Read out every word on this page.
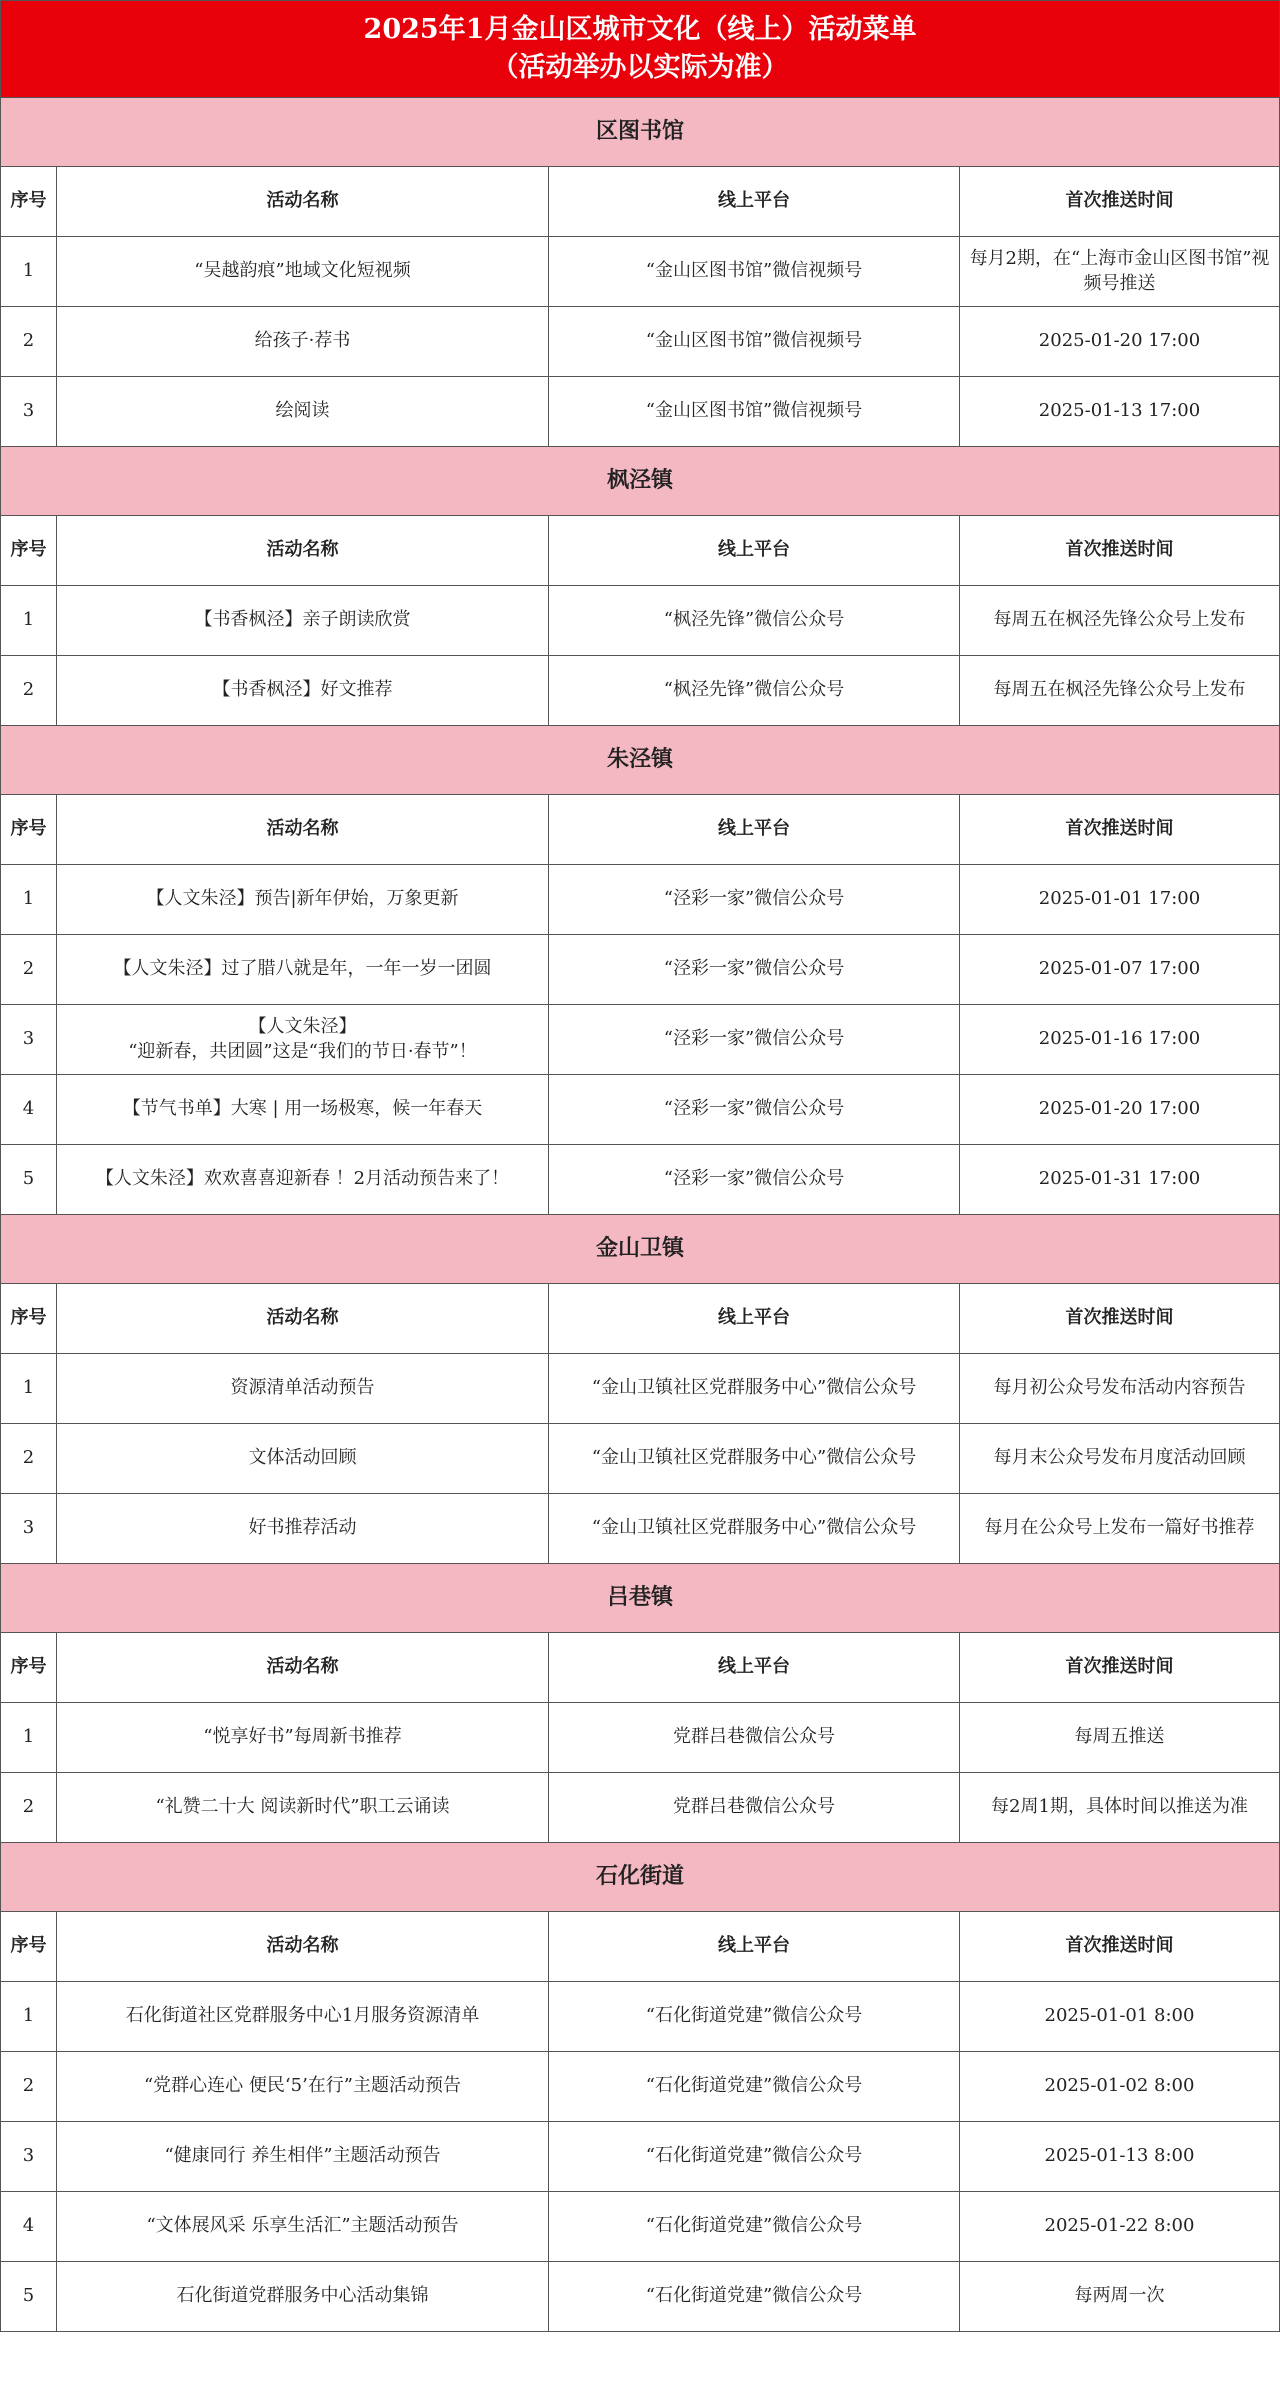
2025年1月金山区城市文化（线上）活动菜单
（活动举办以实际为准）			

区图书馆			
序号	活动名称	线上平台	首次推送时间
1	“吴越韵痕”地域文化短视频	“金山区图书馆”微信视频号	每月2期，在“上海市金山区图书馆”视频号推送
2	给孩子·荐书	“金山区图书馆”微信视频号	2025-01-20 17:00
3	绘阅读	“金山区图书馆”微信视频号	2025-01-13 17:00
枫泾镇			
序号	活动名称	线上平台	首次推送时间
1	【书香枫泾】亲子朗读欣赏	“枫泾先锋”微信公众号	每周五在枫泾先锋公众号上发布
2	【书香枫泾】好文推荐	“枫泾先锋”微信公众号	每周五在枫泾先锋公众号上发布
朱泾镇			
序号	活动名称	线上平台	首次推送时间
1	【人文朱泾】预告|新年伊始，万象更新	“泾彩一家”微信公众号	2025-01-01 17:00
2	【人文朱泾】过了腊八就是年，一年一岁一团圆	“泾彩一家”微信公众号	2025-01-07 17:00
3	【人文朱泾】
“迎新春，共团圆”这是“我们的节日·春节”！	“泾彩一家”微信公众号	2025-01-16 17:00
4	【节气书单】大寒 | 用一场极寒，候一年春天	“泾彩一家”微信公众号	2025-01-20 17:00
5	【人文朱泾】欢欢喜喜迎新春 ！2月活动预告来了！	“泾彩一家”微信公众号	2025-01-31 17:00
金山卫镇			
序号	活动名称	线上平台	首次推送时间
1	资源清单活动预告	“金山卫镇社区党群服务中心”微信公众号	每月初公众号发布活动内容预告
2	文体活动回顾	“金山卫镇社区党群服务中心”微信公众号	每月末公众号发布月度活动回顾
3	好书推荐活动	“金山卫镇社区党群服务中心”微信公众号	每月在公众号上发布一篇好书推荐
吕巷镇			
序号	活动名称	线上平台	首次推送时间
1	“悦享好书”每周新书推荐	党群吕巷微信公众号	每周五推送
2	“礼赞二十大 阅读新时代”职工云诵读	党群吕巷微信公众号	每2周1期，具体时间以推送为准
石化街道			
序号	活动名称	线上平台	首次推送时间
1	石化街道社区党群服务中心1月服务资源清单	“石化街道党建”微信公众号	2025-01-01 8:00
2	“党群心连心 便民‘5’在行”主题活动预告	“石化街道党建”微信公众号	2025-01-02 8:00
3	“健康同行 养生相伴”主题活动预告	“石化街道党建”微信公众号	2025-01-13 8:00
4	“文体展风采 乐享生活汇”主题活动预告	“石化街道党建”微信公众号	2025-01-22 8:00
5	石化街道党群服务中心活动集锦	“石化街道党建”微信公众号	每两周一次
